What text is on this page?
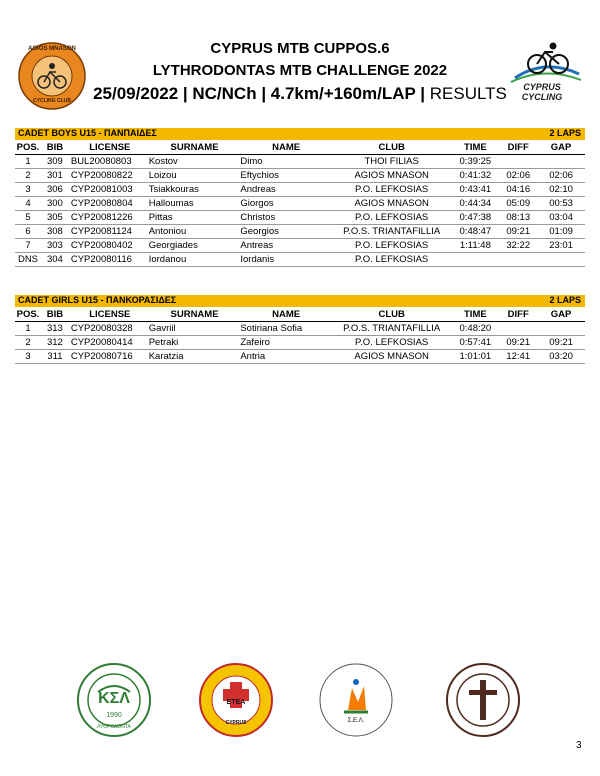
AGIOS MNASON
CYCLING CLUB
CYPRUS MTB CUPPOS.6
LYTHRODONTAS MTB CHALLENGE 2022
25/09/2022 | NC/NCh | 4.7km/+160m/LAP | RESULTS	CYPRUS CYCLING
CADET BOYS U15 - ΠΑΝΠΑΙΔΕΣ	2 LAPS
POS.	BIB	LICENSE	SURNAME	NAME	CLUB	TIME	DIFF	GAP
1	309	BUL20080803	Kostov	Dimo	THOI FILIAS	0:39:25		
2	301	CYP20080822	Loizou	Eftychios	AGIOS MNASON	0:41:32	02:06	02:06
3	306	CYP20081003	Tsiakkouras	Andreas	P.O. LEFKOSIAS	0:43:41	04:16	02:10
4	300	CYP20080804	Halloumas	Giorgos	AGIOS MNASON	0:44:34	05:09	00:53
5	305	CYP20081226	Pittas	Christos	P.O. LEFKOSIAS	0:47:38	08:13	03:04
6	308	CYP20081124	Antoniou	Georgios	P.O.S. TRIANTAFILLIA	0:48:47	09:21	01:09
7	303	CYP20080402	Georgiades	Antreas	P.O. LEFKOSIAS	1:11:48	32:22	23:01
DNS	304	CYP20080116	Iordanou	Iordanis	P.O. LEFKOSIAS			
CADET GIRLS U15 - ΠΑΝΚΟΡΑΣΙΔΕΣ	2 LAPS
POS.	BIB	LICENSE	SURNAME	NAME	CLUB	TIME	DIFF	GAP
1	313	CYP20080328	Gavriil	Sotiriana Sofia	P.O.S. TRIANTAFILLIA	0:48:20		
2	312	CYP20080414	Petraki	Zafeiro	P.O. LEFKOSIAS	0:57:41	09:21	09:21
3	311	CYP20080716	Karatzia	Antria	AGIOS MNASON	1:01:01	12:41	03:20
ΚΣΛ
1990
ΛΥΘΡΟΔΟΝΤΑ
ETEA
CYPRUS	Σ.Ε.Λ.
3
